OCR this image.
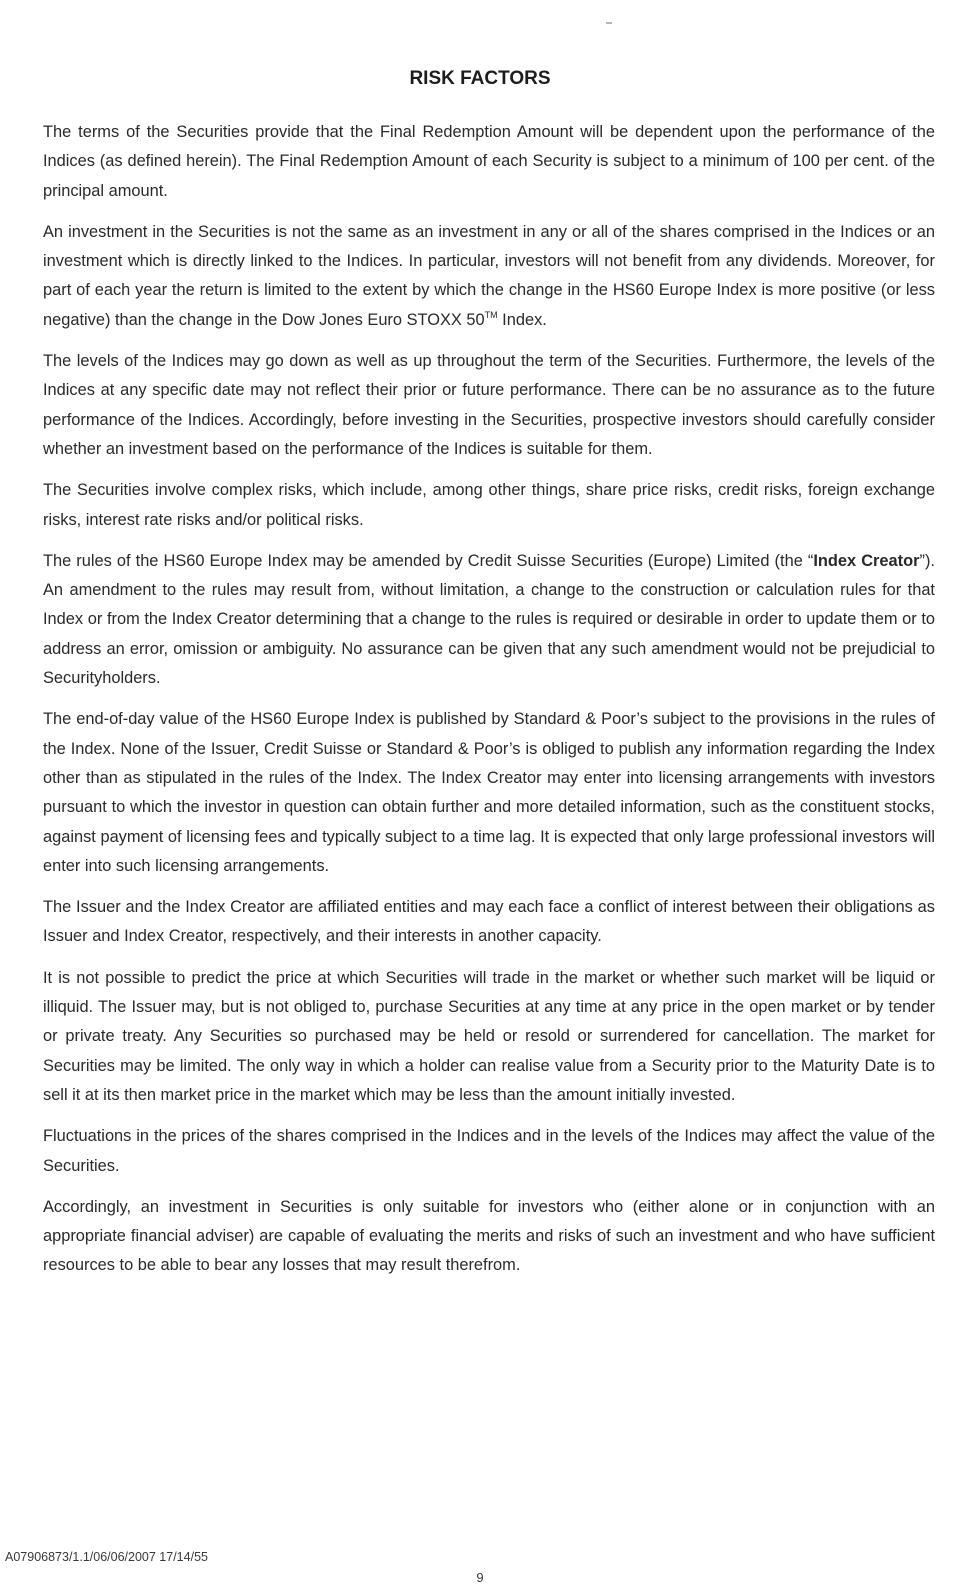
RISK FACTORS

The terms of the Securities provide that the Final Redemption Amount will be dependent upon the performance of the Indices (as defined herein). The Final Redemption Amount of each Security is subject to a minimum of 100 per cent. of the principal amount.

An investment in the Securities is not the same as an investment in any or all of the shares comprised in the Indices or an investment which is directly linked to the Indices. In particular, investors will not benefit from any dividends. Moreover, for part of each year the return is limited to the extent by which the change in the HS60 Europe Index is more positive (or less negative) than the change in the Dow Jones Euro STOXX 50™ Index.

The levels of the Indices may go down as well as up throughout the term of the Securities. Furthermore, the levels of the Indices at any specific date may not reflect their prior or future performance. There can be no assurance as to the future performance of the Indices. Accordingly, before investing in the Securities, prospective investors should carefully consider whether an investment based on the performance of the Indices is suitable for them.

The Securities involve complex risks, which include, among other things, share price risks, credit risks, foreign exchange risks, interest rate risks and/or political risks.

The rules of the HS60 Europe Index may be amended by Credit Suisse Securities (Europe) Limited (the “Index Creator”). An amendment to the rules may result from, without limitation, a change to the construction or calculation rules for that Index or from the Index Creator determining that a change to the rules is required or desirable in order to update them or to address an error, omission or ambiguity. No assurance can be given that any such amendment would not be prejudicial to Securityholders.

The end-of-day value of the HS60 Europe Index is published by Standard & Poor’s subject to the provisions in the rules of the Index. None of the Issuer, Credit Suisse or Standard & Poor’s is obliged to publish any information regarding the Index other than as stipulated in the rules of the Index. The Index Creator may enter into licensing arrangements with investors pursuant to which the investor in question can obtain further and more detailed information, such as the constituent stocks, against payment of licensing fees and typically subject to a time lag. It is expected that only large professional investors will enter into such licensing arrangements.

The Issuer and the Index Creator are affiliated entities and may each face a conflict of interest between their obligations as Issuer and Index Creator, respectively, and their interests in another capacity.

It is not possible to predict the price at which Securities will trade in the market or whether such market will be liquid or illiquid. The Issuer may, but is not obliged to, purchase Securities at any time at any price in the open market or by tender or private treaty. Any Securities so purchased may be held or resold or surrendered for cancellation. The market for Securities may be limited. The only way in which a holder can realise value from a Security prior to the Maturity Date is to sell it at its then market price in the market which may be less than the amount initially invested.

Fluctuations in the prices of the shares comprised in the Indices and in the levels of the Indices may affect the value of the Securities.

Accordingly, an investment in Securities is only suitable for investors who (either alone or in conjunction with an appropriate financial adviser) are capable of evaluating the merits and risks of such an investment and who have sufficient resources to be able to bear any losses that may result therefrom.

A07906873/1.1/06/06/2007 17/14/55

9
